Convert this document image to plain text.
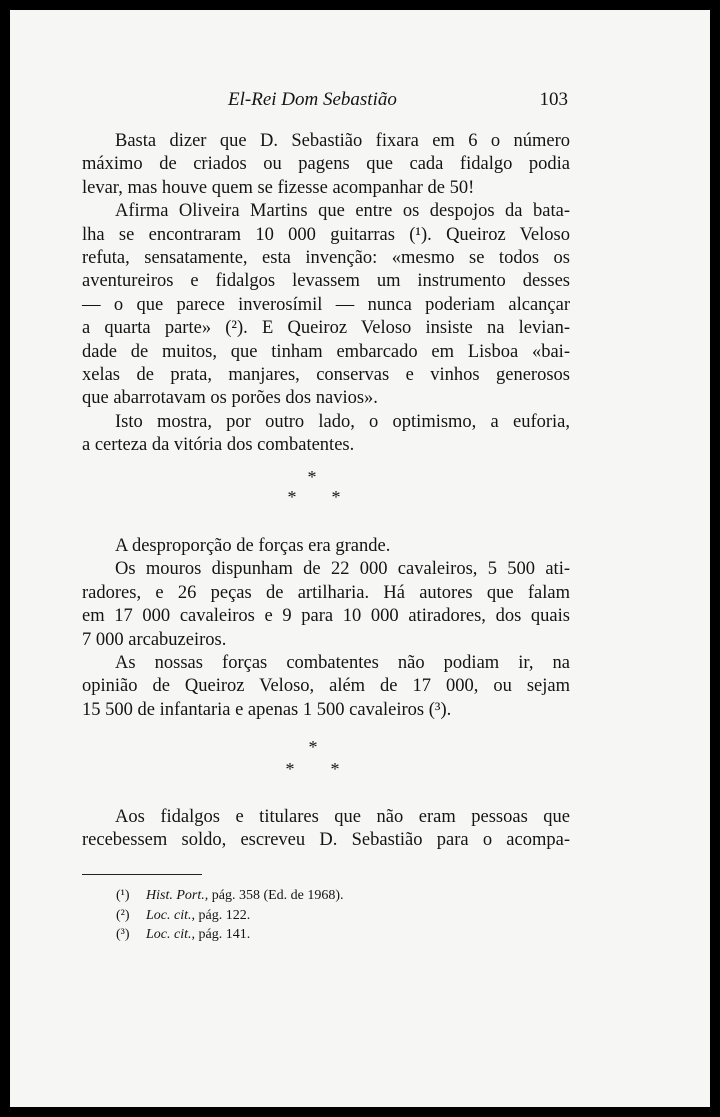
El-Rei Dom Sebastião	103
Basta dizer que D. Sebastião fixara em 6 o número
máximo de criados ou pagens que cada fidalgo podia
levar, mas houve quem se fizesse acompanhar de 50!
Afirma Oliveira Martins que entre os despojos da bata-
lha se encontraram 10 000 guitarras (¹). Queiroz Veloso
refuta, sensatamente, esta invenção: «mesmo se todos os
aventureiros e fidalgos levassem um instrumento desses
— o que parece inverosímil — nunca poderiam alcançar
a quarta parte» (²). E Queiroz Veloso insiste na levian-
dade de muitos, que tinham embarcado em Lisboa «bai-
xelas de prata, manjares, conservas e vinhos generosos
que abarrotavam os porões dos navios».
Isto mostra, por outro lado, o optimismo, a euforia,
a certeza da vitória dos combatentes.
*
*	*
A desproporção de forças era grande.
Os mouros dispunham de 22 000 cavaleiros, 5 500 ati-
radores, e 26 peças de artilharia. Há autores que falam
em 17 000 cavaleiros e 9 para 10 000 atiradores, dos quais
7 000 arcabuzeiros.
As nossas forças combatentes não podiam ir, na
opinião de Queiroz Veloso, além de 17 000, ou sejam
15 500 de infantaria e apenas 1 500 cavaleiros (³).
*
*	*
Aos fidalgos e titulares que não eram pessoas que
recebessem soldo, escreveu D. Sebastião para o acompa-
(¹) Hist. Port., pág. 358 (Ed. de 1968).
(²) Loc. cit., pág. 122.
(³) Loc. cit., pág. 141.
